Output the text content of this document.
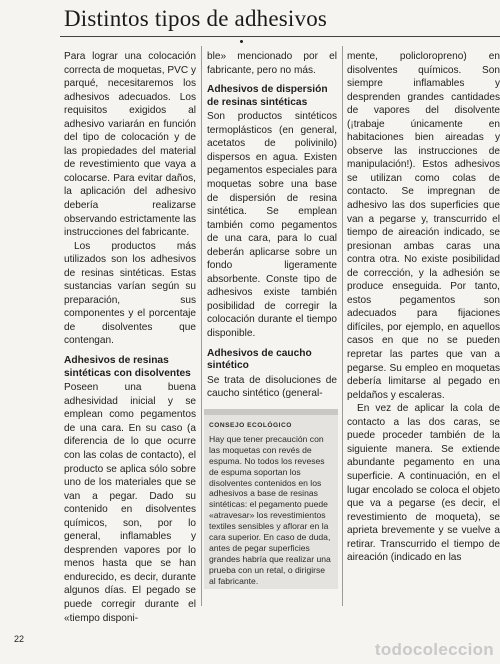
Distintos tipos de adhesivos

Para lograr una colocación correcta de moquetas, PVC y parqué, necesitaremos los adhesivos adecuados. Los requisitos exigidos al adhesivo variarán en función del tipo de colocación y de las propiedades del material de revestimiento que vaya a colocarse. Para evitar daños, la aplicación del adhesivo debería realizarse observando estrictamente las instrucciones del fabricante.

Los productos más utilizados son los adhesivos de resinas sintéticas. Estas sustancias varían según su preparación, sus componentes y el porcentaje de disolventes que contengan.

Adhesivos de resinas sintéticas con disolventes

Poseen una buena adhesividad inicial y se emplean como pegamentos de una cara. En su caso (a diferencia de lo que ocurre con las colas de contacto), el producto se aplica sólo sobre uno de los materiales que se van a pegar. Dado su contenido en disolventes químicos, son, por lo general, inflamables y desprenden vapores por lo menos hasta que se han endurecido, es decir, durante algunos días. El pegado se puede corregir durante el «tiempo disponi-

ble» mencionado por el fabricante, pero no más.

Adhesivos de dispersión de resinas sintéticas

Son productos sintéticos termoplásticos (en general, acetatos de polivinilo) dispersos en agua. Existen pegamentos especiales para moquetas sobre una base de dispersión de resina sintética. Se emplean también como pegamentos de una cara, para lo cual deberán aplicarse sobre un fondo ligeramente absorbente. Conste tipo de adhesivos existe también posibilidad de corregir la colocación durante el tiempo disponible.

Adhesivos de caucho sintético

Se trata de disoluciones de caucho sintético (general-

CONSEJO ECOLÓGICO
Hay que tener precaución con las moquetas con revés de espuma. No todos los reveses de espuma soportan los disolventes contenidos en los adhesivos a base de resinas sintéticas: el pegamento puede «atravesar» los revestimientos textiles sensibles y aflorar en la cara superior. En caso de duda, antes de pegar superficies grandes habría que realizar una prueba con un retal, o dirigirse al fabricante.

mente, policloropreno) en disolventes químicos. Son siempre inflamables y desprenden grandes cantidades de vapores del disolvente (¡trabaje únicamente en habitaciones bien aireadas y observe las instrucciones de manipulación!). Estos adhesivos se utilizan como colas de contacto. Se impregnan de adhesivo las dos superficies que van a pegarse y, transcurrido el tiempo de aireación indicado, se presionan ambas caras una contra otra. No existe posibilidad de corrección, y la adhesión se produce enseguida. Por tanto, estos pegamentos son adecuados para fijaciones difíciles, por ejemplo, en aquellos casos en que no se pueden repretar las partes que van a pegarse. Su empleo en moquetas debería limitarse al pegado en peldaños y escaleras.

En vez de aplicar la cola de contacto a las dos caras, se puede proceder también de la siguiente manera. Se extiende abundante pegamento en una superficie. A continuación, en el lugar encolado se coloca el objeto que va a pegarse (es decir, el revestimiento de moqueta), se aprieta brevemente y se vuelve a retirar. Transcurrido el tiempo de aireación (indicado en las

22
todocoleccion
